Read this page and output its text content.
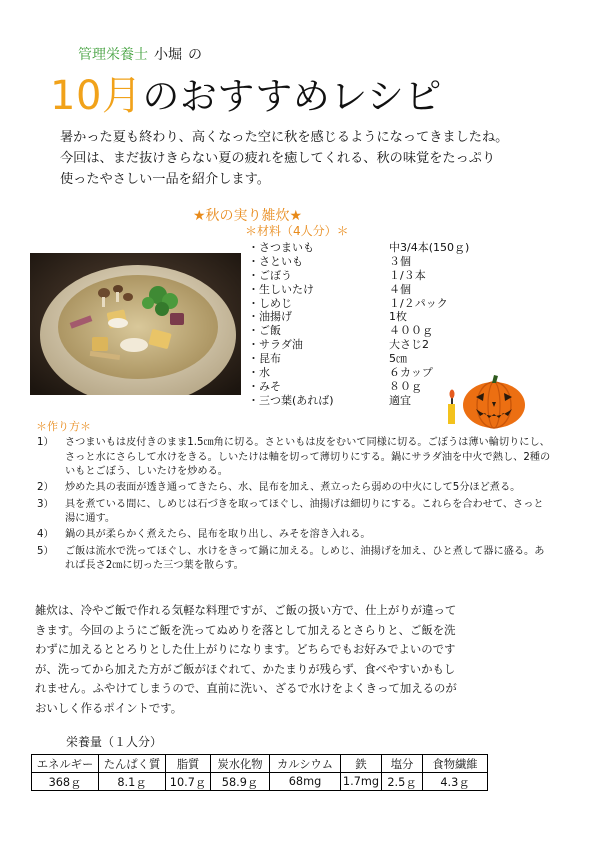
管理栄養士 小堀 の
10月のおすすめレシピ
暑かった夏も終わり、高くなった空に秋を感じるようになってきましたね。
今回は、まだ抜けきらない夏の疲れを癒してくれる、秋の味覚をたっぷり
使ったやさしい一品を紹介します。
★秋の実り雑炊★
＊材料（4人分）＊
・さつまいも	中3/4本(150ｇ)
・さといも	３個
・ごぼう	１/３本
・生しいたけ	４個
・しめじ	１/２パック
・油揚げ	1枚
・ご飯	４００ｇ
・サラダ油	大さじ2
・昆布	5㎝
・水	６カップ
・みそ	８０ｇ
・三つ葉(あれば)	適宜
＊作り方＊
1） さつまいもは皮付きのまま1.5㎝角に切る。さといもは皮をむいて同様に切る。ごぼうは薄い輪切りにし、さっと水にさらして水けをきる。しいたけは軸を切って薄切りにする。鍋にサラダ油を中火で熱し、2種のいもとごぼう、しいたけを炒める。
2） 炒めた具の表面が透き通ってきたら、水、昆布を加え、煮立ったら弱めの中火にして5分ほど煮る。
3） 具を煮ている間に、しめじは石づきを取ってほぐし、油揚げは細切りにする。これらを合わせて、さっと湯に通す。
4） 鍋の具が柔らかく煮えたら、昆布を取り出し、みそを溶き入れる。
5） ご飯は流水で洗ってほぐし、水けをきって鍋に加える。しめじ、油揚げを加え、ひと煮して器に盛る。あれば長さ2㎝に切った三つ葉を散らす。
雑炊は、冷やご飯で作れる気軽な料理ですが、ご飯の扱い方で、仕上がりが違って
きます。今回のようにご飯を洗ってぬめりを落として加えるとさらりと、ご飯を洗
わずに加えるととろりとした仕上がりになります。どちらでもお好みでよいのです
が、洗ってから加えた方がご飯がほぐれて、かたまりが残らず、食べやすいかもし
れません。ふやけてしまうので、直前に洗い、ざるで水けをよくきって加えるのが
おいしく作るポイントです。
栄養量（１人分）
エネルギー	たんぱく質	脂質	炭水化物	カルシウム	鉄	塩分	食物繊維
368ｇ	8.1ｇ	10.7ｇ	58.9ｇ	68mg	1.7mg	2.5ｇ	4.3ｇ
